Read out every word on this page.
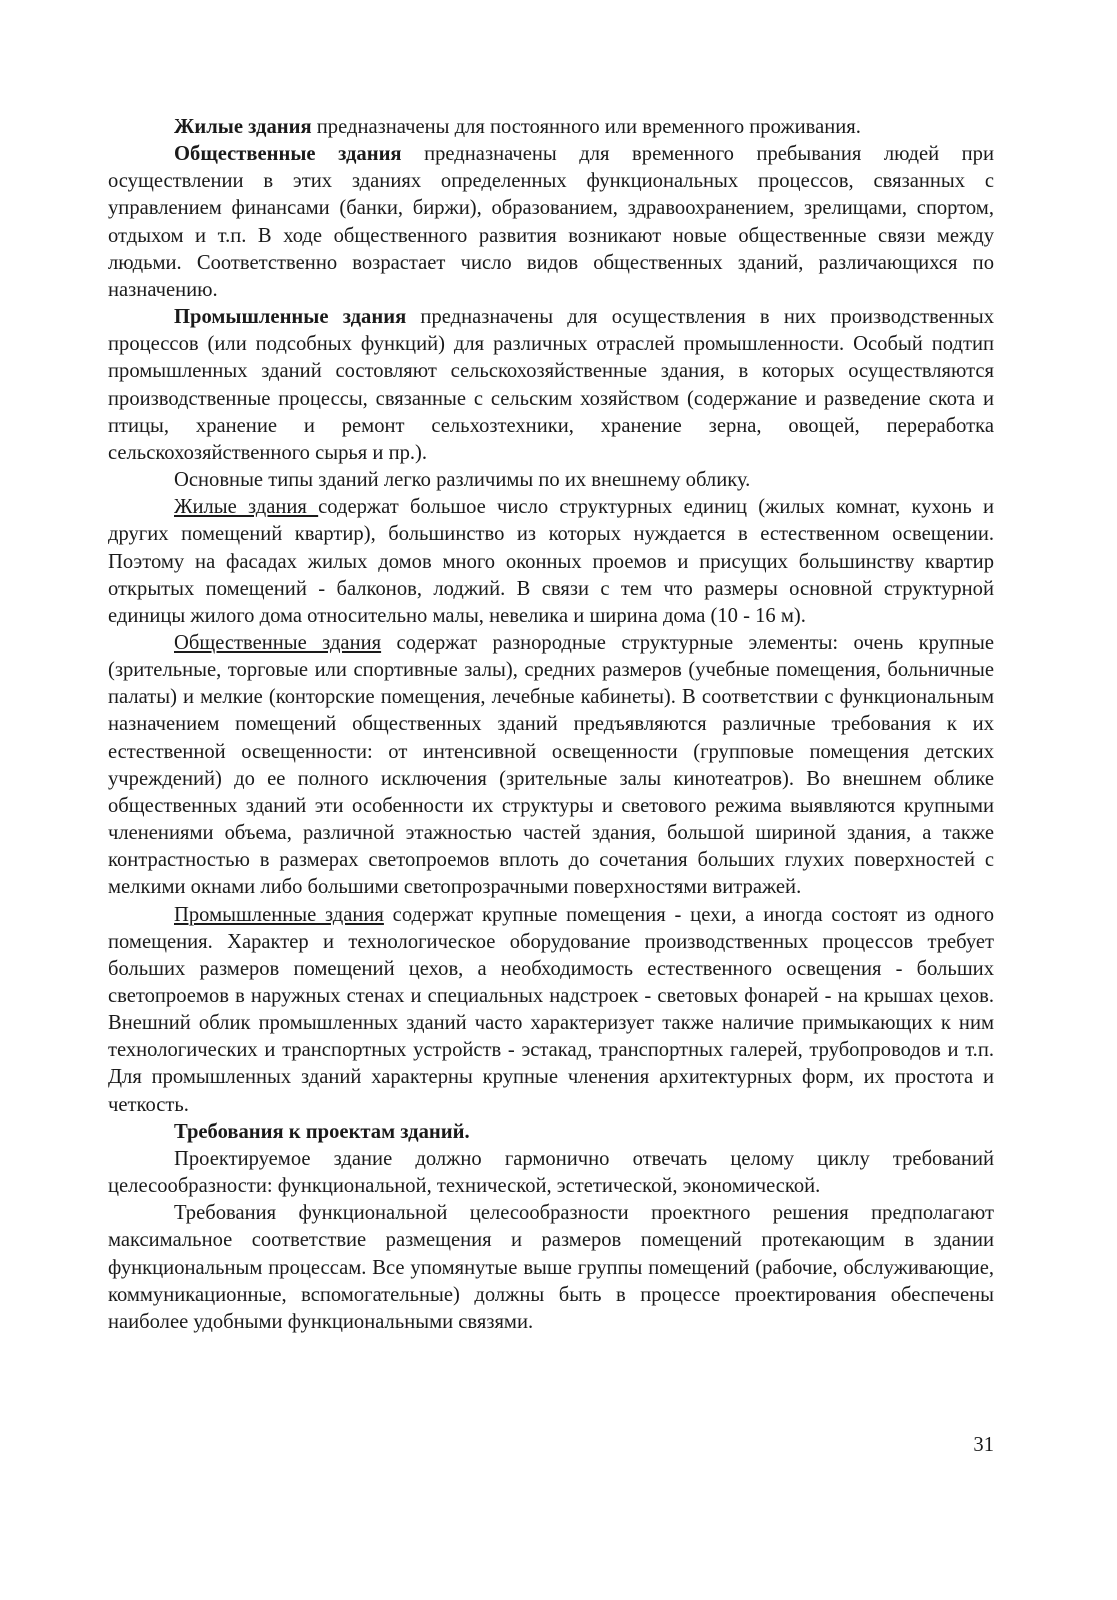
Жилые здания предназначены для постоянного или временного проживания.

Общественные здания предназначены для временного пребывания людей при осуществлении в этих зданиях определенных функциональных процессов, связанных с управлением финансами (банки, биржи), образованием, здравоохранением, зрелищами, спортом, отдыхом и т.п. В ходе общественного развития возникают новые общественные связи между людьми. Соответственно возрастает число видов общественных зданий, различающихся по назначению.

Промышленные здания предназначены для осуществления в них производственных процессов (или подсобных функций) для различных отраслей промышленности. Особый подтип промышленных зданий состовляют сельскохозяйственные здания, в которых осуществляются производственные процессы, связанные с сельским хозяйством (содержание и разведение скота и птицы, хранение и ремонт сельхозтехники, хранение зерна, овощей, переработка сельскохозяйственного сырья и пр.).

Основные типы зданий легко различимы по их внешнему облику.

Жилые здания содержат большое число структурных единиц (жилых комнат, кухонь и других помещений квартир), большинство из которых нуждается в естественном освещении. Поэтому на фасадах жилых домов много оконных проемов и присущих большинству квартир открытых помещений - балконов, лоджий. В связи с тем что размеры основной структурной единицы жилого дома относительно малы, невелика и ширина дома (10 - 16 м).

Общественные здания содержат разнородные структурные элементы: очень крупные (зрительные, торговые или спортивные залы), средних размеров (учебные помещения, больничные палаты) и мелкие (конторские помещения, лечебные кабинеты). В соответствии с функциональным назначением помещений общественных зданий предъявляются различные требования к их естественной освещенности: от интенсивной освещенности (групповые помещения детских учреждений) до ее полного исключения (зрительные залы кинотеатров). Во внешнем облике общественных зданий эти особенности их структуры и светового режима выявляются крупными членениями объема, различной этажностью частей здания, большой шириной здания, а также контрастностью в размерах светопроемов вплоть до сочетания больших глухих поверхностей с мелкими окнами либо большими светопрозрачными поверхностями витражей.

Промышленные здания содержат крупные помещения - цехи, а иногда состоят из одного помещения. Характер и технологическое оборудование производственных процессов требует больших размеров помещений цехов, а необходимость естественного освещения - больших светопроемов в наружных стенах и специальных надстроек - световых фонарей - на крышах цехов. Внешний облик промышленных зданий часто характеризует также наличие примыкающих к ним технологических и транспортных устройств - эстакад, транспортных галерей, трубопроводов и т.п. Для промышленных зданий характерны крупные членения архитектурных форм, их простота и четкость.

Требования к проектам зданий.

Проектируемое здание должно гармонично отвечать целому циклу требований целесообразности: функциональной, технической, эстетической, экономической.

Требования функциональной целесообразности проектного решения предполагают максимальное соответствие размещения и размеров помещений протекающим в здании функциональным процессам. Все упомянутые выше группы помещений (рабочие, обслуживающие, коммуникационные, вспомогательные) должны быть в процессе проектирования обеспечены наиболее удобными функциональными связями.

31
